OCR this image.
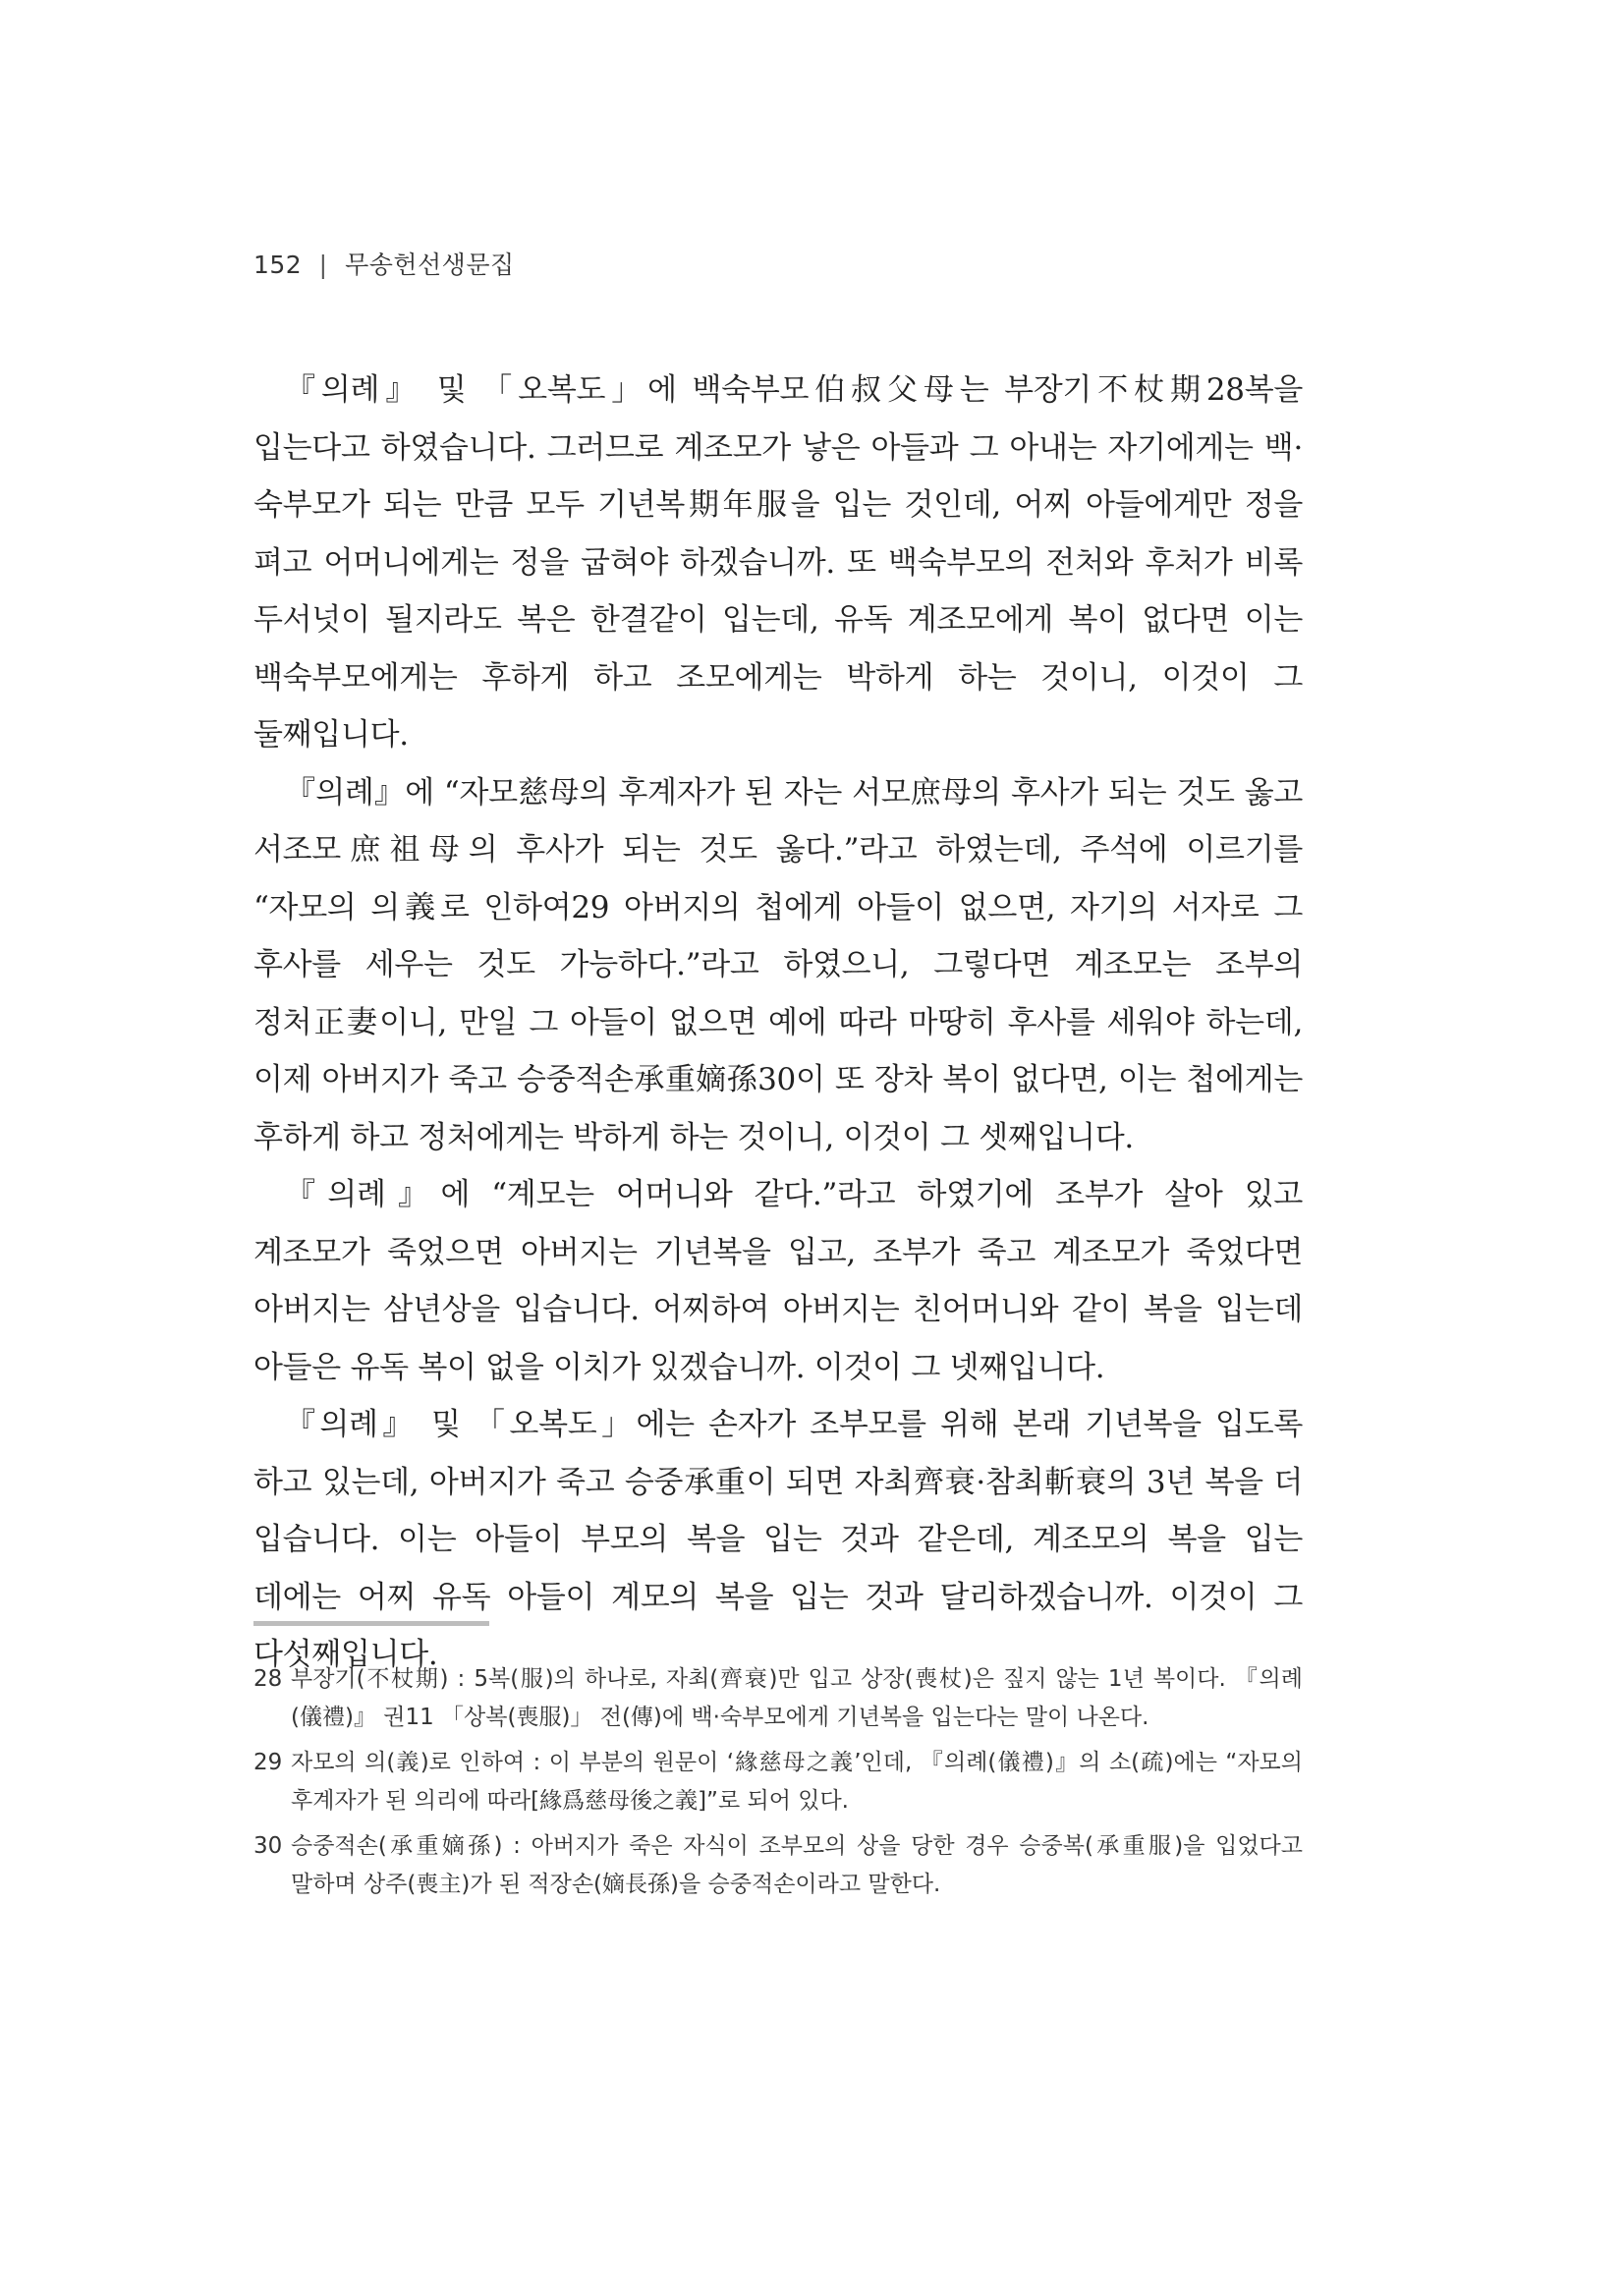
152 | 무송헌선생문집

『의례』 및 「오복도」에 백숙부모伯叔父母는 부장기不杖期28복을 입는다고 하였습니다. 그러므로 계조모가 낳은 아들과 그 아내는 자기에게는 백·숙부모가 되는 만큼 모두 기년복期年服을 입는 것인데, 어찌 아들에게만 정을 펴고 어머니에게는 정을 굽혀야 하겠습니까. 또 백숙부모의 전처와 후처가 비록 두서넛이 될지라도 복은 한결같이 입는데, 유독 계조모에게 복이 없다면 이는 백숙부모에게는 후하게 하고 조모에게는 박하게 하는 것이니, 이것이 그 둘째입니다.

『의례』에 “자모慈母의 후계자가 된 자는 서모庶母의 후사가 되는 것도 옳고 서조모庶祖母의 후사가 되는 것도 옳다.”라고 하였는데, 주석에 이르기를 “자모의 의義로 인하여29 아버지의 첩에게 아들이 없으면, 자기의 서자로 그 후사를 세우는 것도 가능하다.”라고 하였으니, 그렇다면 계조모는 조부의 정처正妻이니, 만일 그 아들이 없으면 예에 따라 마땅히 후사를 세워야 하는데, 이제 아버지가 죽고 승중적손承重嫡孫30이 또 장차 복이 없다면, 이는 첩에게는 후하게 하고 정처에게는 박하게 하는 것이니, 이것이 그 셋째입니다.

『의례』에 “계모는 어머니와 같다.”라고 하였기에 조부가 살아 있고 계조모가 죽었으면 아버지는 기년복을 입고, 조부가 죽고 계조모가 죽었다면 아버지는 삼년상을 입습니다. 어찌하여 아버지는 친어머니와 같이 복을 입는데 아들은 유독 복이 없을 이치가 있겠습니까. 이것이 그 넷째입니다.

『의례』 및 「오복도」에는 손자가 조부모를 위해 본래 기년복을 입도록 하고 있는데, 아버지가 죽고 승중承重이 되면 자최齊衰·참최斬衰의 3년 복을 더 입습니다. 이는 아들이 부모의 복을 입는 것과 같은데, 계조모의 복을 입는 데에는 어찌 유독 아들이 계모의 복을 입는 것과 달리하겠습니까. 이것이 그 다섯째입니다.

28 부장기(不杖期) : 5복(服)의 하나로, 자최(齊衰)만 입고 상장(喪杖)은 짚지 않는 1년 복이다. 『의례(儀禮)』 권11 「상복(喪服)」 전(傳)에 백·숙부모에게 기년복을 입는다는 말이 나온다.
29 자모의 의(義)로 인하여 : 이 부분의 원문이 ‘緣慈母之義’인데, 『의례(儀禮)』의 소(疏)에는 “자모의 후계자가 된 의리에 따라[緣爲慈母後之義]”로 되어 있다.
30 승중적손(承重嫡孫) : 아버지가 죽은 자식이 조부모의 상을 당한 경우 승중복(承重服)을 입었다고 말하며 상주(喪主)가 된 적장손(嫡長孫)을 승중적손이라고 말한다.
